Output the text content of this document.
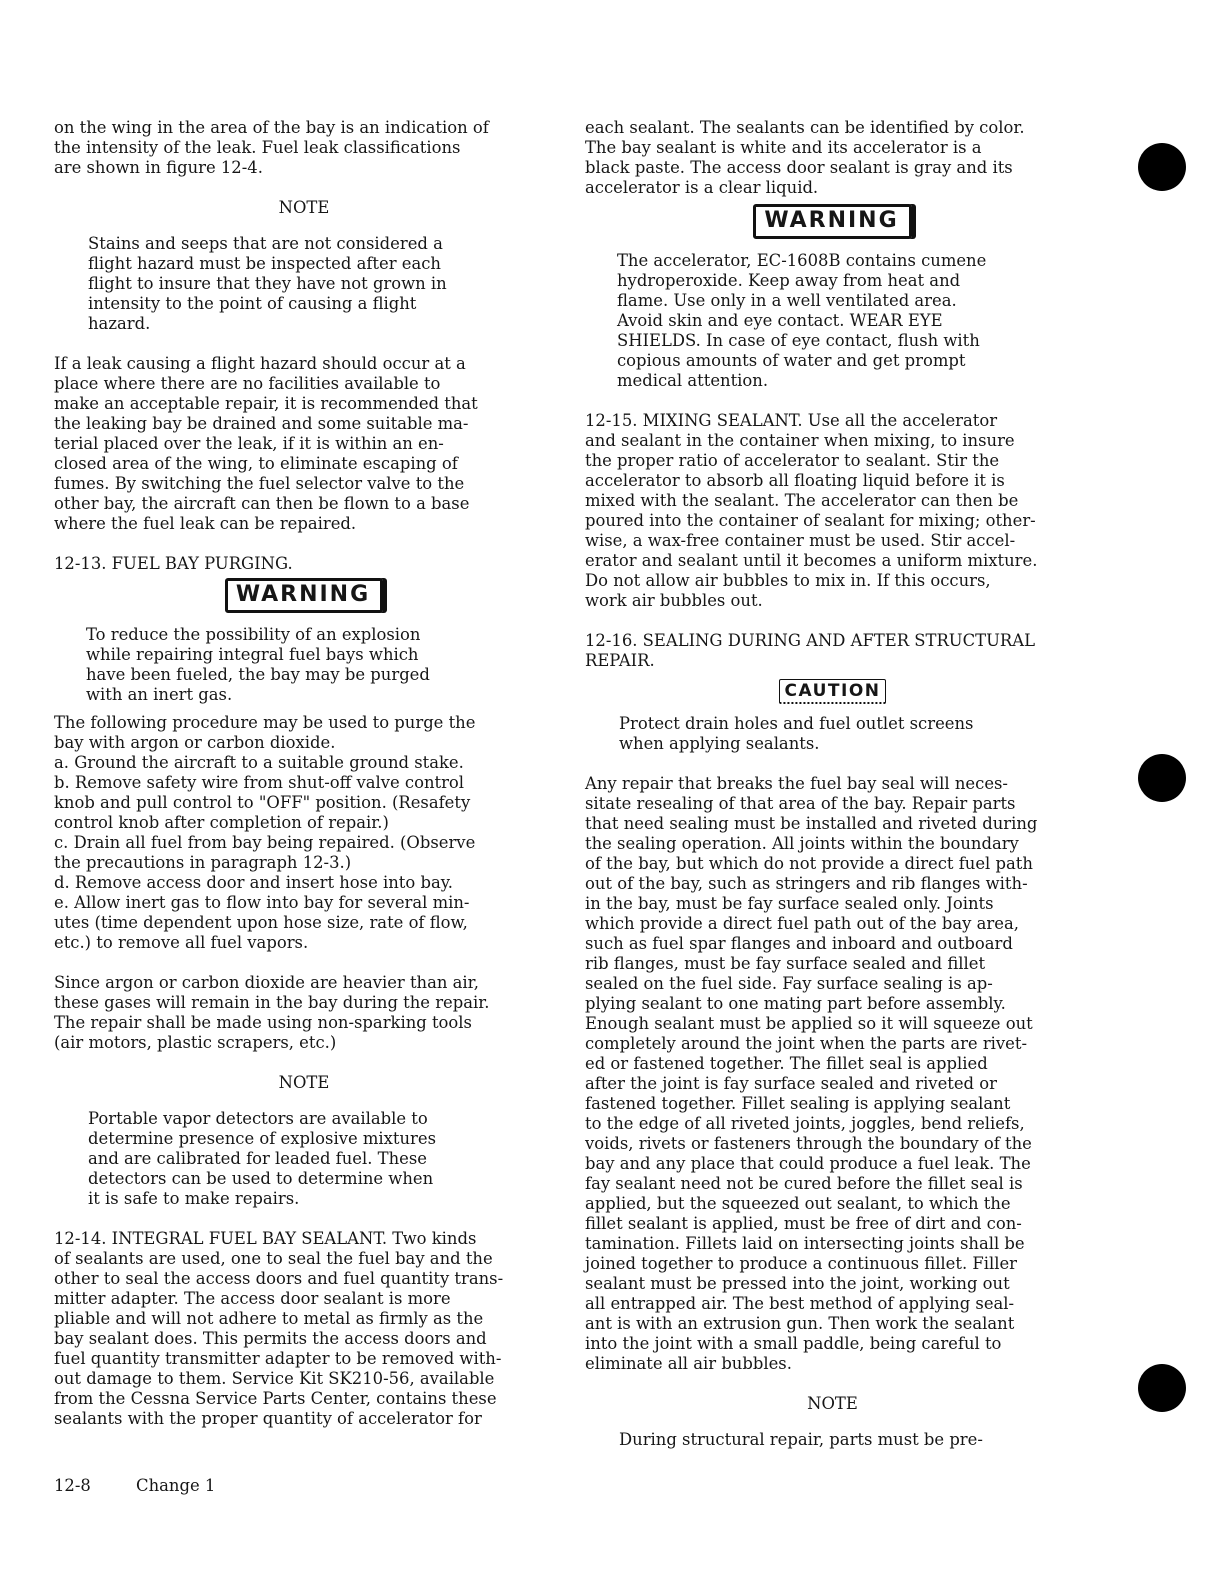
on the wing in the area of the bay is an indication of

the intensity of the leak. Fuel leak classifications

are shown in figure 12-4.

NOTE

Stains and seeps that are not considered a

flight hazard must be inspected after each

flight to insure that they have not grown in

intensity to the point of causing a flight

hazard.

If a leak causing a flight hazard should occur at a

place where there are no facilities available to

make an acceptable repair, it is recommended that

the leaking bay be drained and some suitable ma-

terial placed over the leak, if it is within an en-

closed area of the wing, to eliminate escaping of

fumes. By switching the fuel selector valve to the

other bay, the aircraft can then be flown to a base

where the fuel leak can be repaired.

12-13. FUEL BAY PURGING.

WARNING

To reduce the possibility of an explosion

while repairing integral fuel bays which

have been fueled, the bay may be purged

with an inert gas.

The following procedure may be used to purge the

bay with argon or carbon dioxide.

a. Ground the aircraft to a suitable ground stake.

b. Remove safety wire from shut-off valve control

knob and pull control to "OFF" position. (Resafety

control knob after completion of repair.)

c. Drain all fuel from bay being repaired. (Observe

the precautions in paragraph 12-3.)

d. Remove access door and insert hose into bay.

e. Allow inert gas to flow into bay for several min-

utes (time dependent upon hose size, rate of flow,

etc.) to remove all fuel vapors.

Since argon or carbon dioxide are heavier than air,

these gases will remain in the bay during the repair.

The repair shall be made using non-sparking tools

(air motors, plastic scrapers, etc.)

NOTE

Portable vapor detectors are available to

determine presence of explosive mixtures

and are calibrated for leaded fuel. These

detectors can be used to determine when

it is safe to make repairs.

12-14. INTEGRAL FUEL BAY SEALANT. Two kinds

of sealants are used, one to seal the fuel bay and the

other to seal the access doors and fuel quantity trans-

mitter adapter. The access door sealant is more

pliable and will not adhere to metal as firmly as the

bay sealant does. This permits the access doors and

fuel quantity transmitter adapter to be removed with-

out damage to them. Service Kit SK210-56, available

from the Cessna Service Parts Center, contains these

sealants with the proper quantity of accelerator for

each sealant. The sealants can be identified by color.

The bay sealant is white and its accelerator is a

black paste. The access door sealant is gray and its

accelerator is a clear liquid.

WARNING

The accelerator, EC-1608B contains cumene

hydroperoxide. Keep away from heat and

flame. Use only in a well ventilated area.

Avoid skin and eye contact. WEAR EYE

SHIELDS. In case of eye contact, flush with

copious amounts of water and get prompt

medical attention.

12-15. MIXING SEALANT. Use all the accelerator

and sealant in the container when mixing, to insure

the proper ratio of accelerator to sealant. Stir the

accelerator to absorb all floating liquid before it is

mixed with the sealant. The accelerator can then be

poured into the container of sealant for mixing; other-

wise, a wax-free container must be used. Stir accel-

erator and sealant until it becomes a uniform mixture.

Do not allow air bubbles to mix in. If this occurs,

work air bubbles out.

12-16. SEALING DURING AND AFTER STRUCTURAL

REPAIR.

CAUTION

Protect drain holes and fuel outlet screens

when applying sealants.

Any repair that breaks the fuel bay seal will neces-

sitate resealing of that area of the bay. Repair parts

that need sealing must be installed and riveted during

the sealing operation. All joints within the boundary

of the bay, but which do not provide a direct fuel path

out of the bay, such as stringers and rib flanges with-

in the bay, must be fay surface sealed only. Joints

which provide a direct fuel path out of the bay area,

such as fuel spar flanges and inboard and outboard

rib flanges, must be fay surface sealed and fillet

sealed on the fuel side. Fay surface sealing is ap-

plying sealant to one mating part before assembly.

Enough sealant must be applied so it will squeeze out

completely around the joint when the parts are rivet-

ed or fastened together. The fillet seal is applied

after the joint is fay surface sealed and riveted or

fastened together. Fillet sealing is applying sealant

to the edge of all riveted joints, joggles, bend reliefs,

voids, rivets or fasteners through the boundary of the

bay and any place that could produce a fuel leak. The

fay sealant need not be cured before the fillet seal is

applied, but the squeezed out sealant, to which the

fillet sealant is applied, must be free of dirt and con-

tamination. Fillets laid on intersecting joints shall be

joined together to produce a continuous fillet. Filler

sealant must be pressed into the joint, working out

all entrapped air. The best method of applying seal-

ant is with an extrusion gun. Then work the sealant

into the joint with a small paddle, being careful to

eliminate all air bubbles.

NOTE

During structural repair, parts must be pre-

12-8	Change 1
